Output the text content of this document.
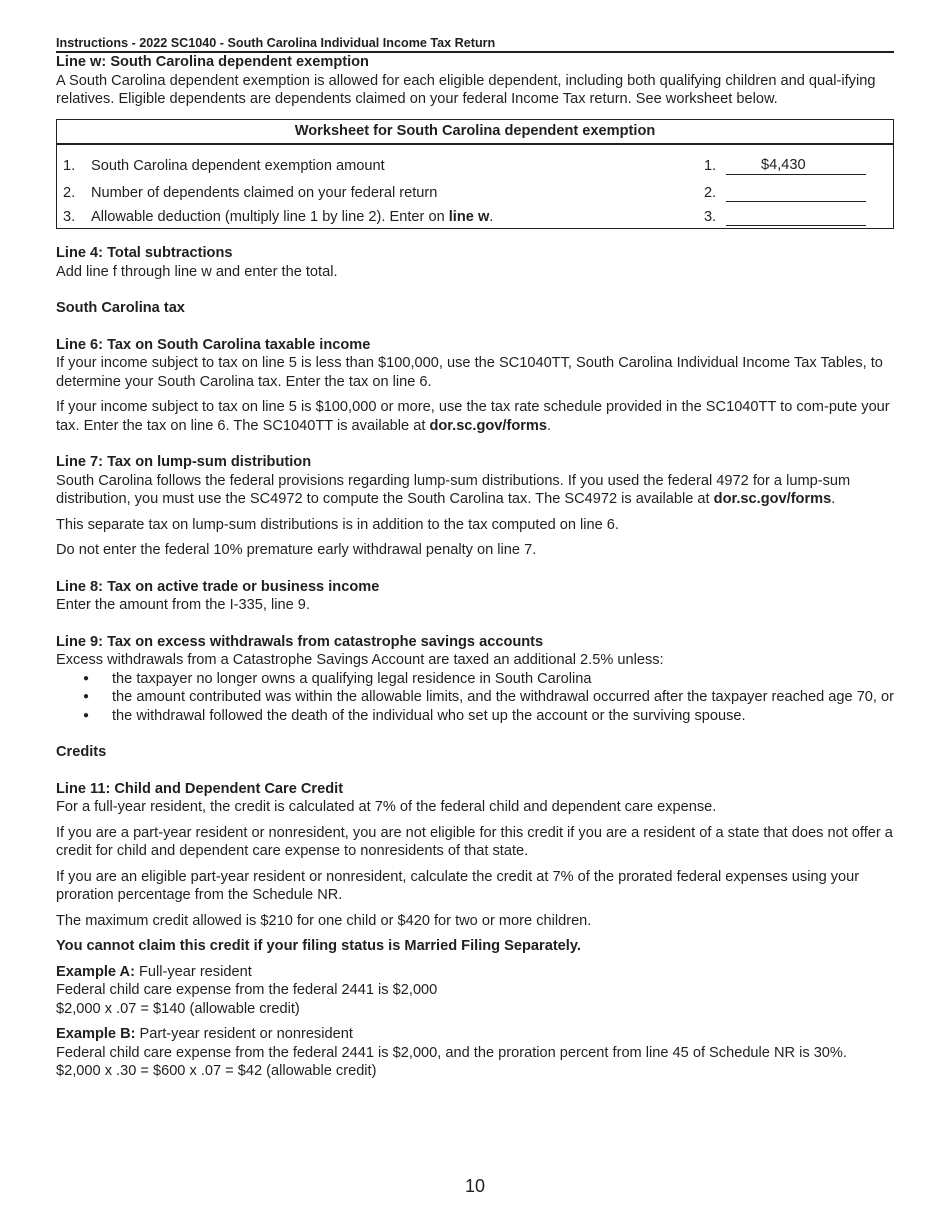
Instructions - 2022 SC1040 - South Carolina Individual Income Tax Return
Line w: South Carolina dependent exemption

A South Carolina dependent exemption is allowed for each eligible dependent, including both qualifying children and qual-ifying relatives. Eligible dependents are dependents claimed on your federal Income Tax return. See worksheet below.

Worksheet for South Carolina dependent exemption
1.	South Carolina dependent exemption amount	1.	$4,430
2.	Number of dependents claimed on your federal return	2.
3.	Allowable deduction (multiply line 1 by line 2). Enter on line w.	3.
Line 4: Total subtractions

Add line f through line w and enter the total.

South Carolina tax
Line 6: Tax on South Carolina taxable income

If your income subject to tax on line 5 is less than $100,000, use the SC1040TT, South Carolina Individual Income Tax Tables, to determine your South Carolina tax. Enter the tax on line 6.

If your income subject to tax on line 5 is $100,000 or more, use the tax rate schedule provided in the SC1040TT to com-pute your tax. Enter the tax on line 6. The SC1040TT is available at dor.sc.gov/forms.

Line 7: Tax on lump-sum distribution

South Carolina follows the federal provisions regarding lump-sum distributions. If you used the federal 4972 for a lump-sum distribution, you must use the SC4972 to compute the South Carolina tax. The SC4972 is available at dor.sc.gov/forms.

This separate tax on lump-sum distributions is in addition to the tax computed on line 6.

Do not enter the federal 10% premature early withdrawal penalty on line 7.

Line 8: Tax on active trade or business income

Enter the amount from the I-335, line 9.

Line 9: Tax on excess withdrawals from catastrophe savings accounts

Excess withdrawals from a Catastrophe Savings Account are taxed an additional 2.5% unless:

● the taxpayer no longer owns a qualifying legal residence in South Carolina
● the amount contributed was within the allowable limits, and the withdrawal occurred after the taxpayer reached age 70, or
● the withdrawal followed the death of the individual who set up the account or the surviving spouse.
Credits
Line 11: Child and Dependent Care Credit

For a full-year resident, the credit is calculated at 7% of the federal child and dependent care expense.

If you are a part-year resident or nonresident, you are not eligible for this credit if you are a resident of a state that does not offer a credit for child and dependent care expense to nonresidents of that state.

If you are an eligible part-year resident or nonresident, calculate the credit at 7% of the prorated federal expenses using your proration percentage from the Schedule NR.

The maximum credit allowed is $210 for one child or $420 for two or more children.

You cannot claim this credit if your filing status is Married Filing Separately.

Example A: Full-year resident

Federal child care expense from the federal 2441 is $2,000

$2,000 x .07 = $140 (allowable credit)

Example B: Part-year resident or nonresident

Federal child care expense from the federal 2441 is $2,000, and the proration percent from line 45 of Schedule NR is 30%.

$2,000 x .30 = $600 x .07 = $42 (allowable credit)

10
